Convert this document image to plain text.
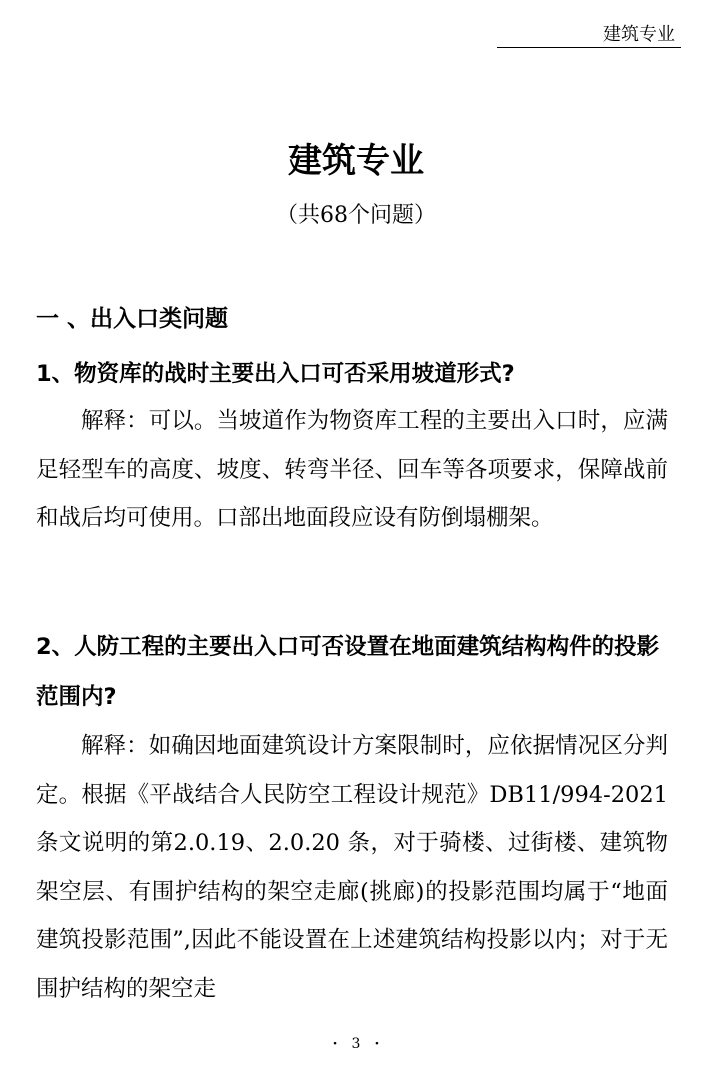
建筑专业
建筑专业
（共68个问题）
一 、出入口类问题
1、物资库的战时主要出入口可否采用坡道形式?

解释：可以。当坡道作为物资库工程的主要出入口时，应满足轻型车的高度、坡度、转弯半径、回车等各项要求，保障战前和战后均可使用。口部出地面段应设有防倒塌棚架。

2、人防工程的主要出入口可否设置在地面建筑结构构件的投影范围内?

解释：如确因地面建筑设计方案限制时，应依据情况区分判定。根据《平战结合人民防空工程设计规范》DB11/994-2021 条文说明的第2.0.19、2.0.20 条，对于骑楼、过街楼、建筑物架空层、有围护结构的架空走廊(挑廊)的投影范围均属于“地面建筑投影范围”,因此不能设置在上述建筑结构投影以内；对于无围护结构的架空走

· 3 ·
